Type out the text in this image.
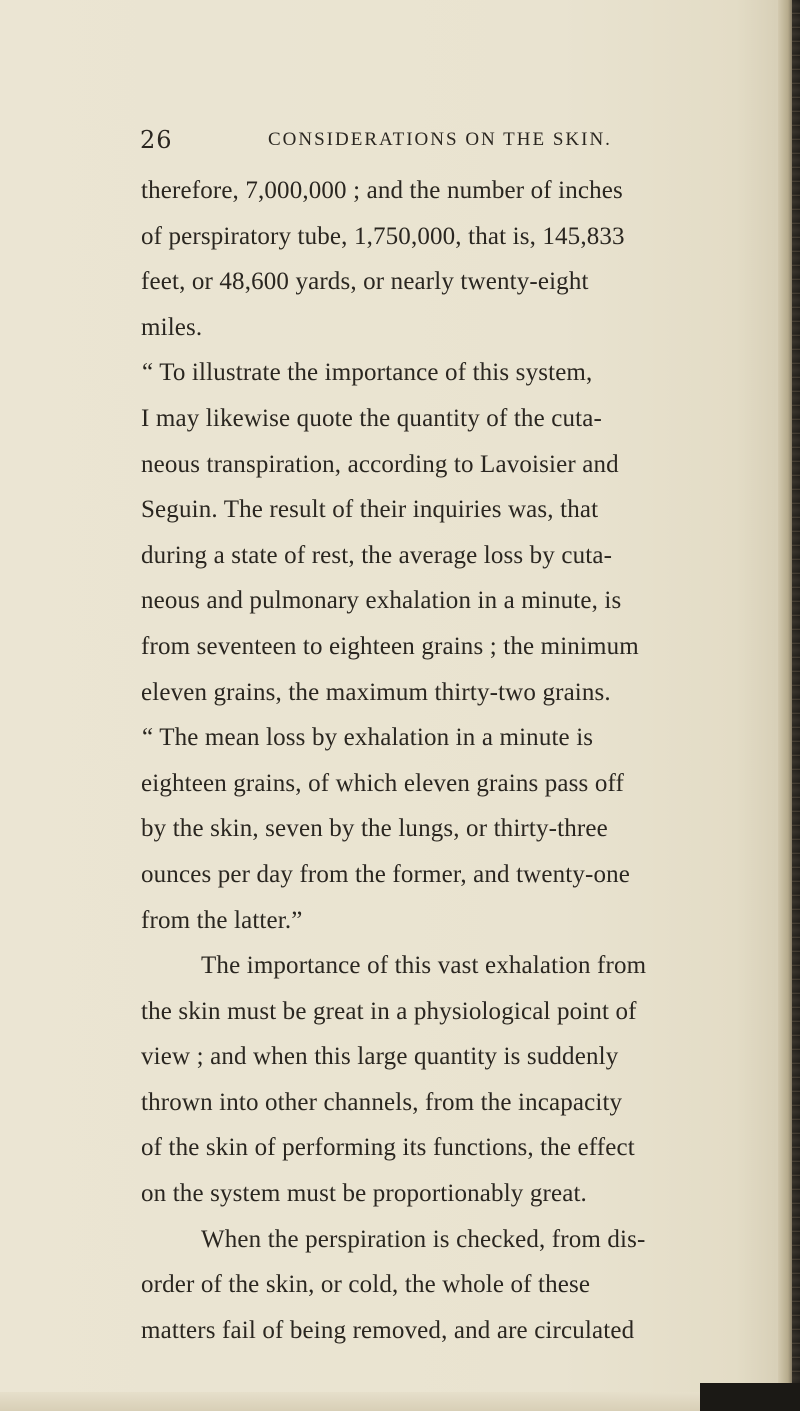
26	CONSIDERATIONS ON THE SKIN.
therefore, 7,000,000 ; and the number of inches
of perspiratory tube, 1,750,000, that is, 145,833
feet, or 48,600 yards, or nearly twenty-eight
miles.
“ To illustrate the importance of this system,
I may likewise quote the quantity of the cuta-
neous transpiration, according to Lavoisier and
Seguin. The result of their inquiries was, that
during a state of rest, the average loss by cuta-
neous and pulmonary exhalation in a minute, is
from seventeen to eighteen grains ; the minimum
eleven grains, the maximum thirty-two grains.
“ The mean loss by exhalation in a minute is
eighteen grains, of which eleven grains pass off
by the skin, seven by the lungs, or thirty-three
ounces per day from the former, and twenty-one
from the latter.”
The importance of this vast exhalation from
the skin must be great in a physiological point of
view ; and when this large quantity is suddenly
thrown into other channels, from the incapacity
of the skin of performing its functions, the effect
on the system must be proportionably great.
When the perspiration is checked, from dis-
order of the skin, or cold, the whole of these
matters fail of being removed, and are circulated
